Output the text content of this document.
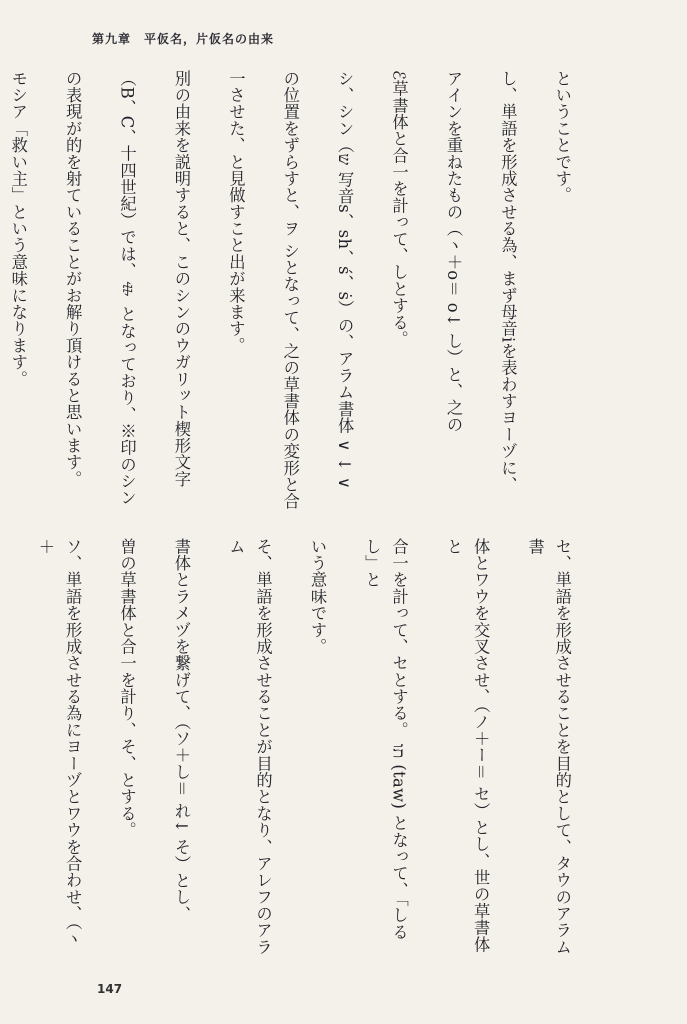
第九章　平仮名，片仮名の由来

ということです。

し、単語を形成させる為、まず母音iを表わすヨーヅに、

アインを重ねたもの（ヽ＋ο＝ ο↓ し）と、之の

ℰ草書体と合一を計って、しとする。

シ、シン（ש 写音s、sh、ś、ṡ）の、アラム書体 ∨ ↓ ∨

の位置をずらすと、ヲ シとなって、之の草書体の変形と合

一させた、と見做すこと出が来ます。

別の由来を説明すると、このシンのウガリット楔形文字

（B、C、十四世紀）では、ꑗ となっており、※印のシン

の表現が的を射ていることがお解り頂けると思います。

モシア「救い主」という意味になります。

セ、単語を形成させることを目的として、タウのアラム書

体とワウを交叉させ、（ノ＋ー＝ セ）とし、世の草書体と

合一を計って、セとする。 תו (taw) となって、「しるし」と

いう意味です。

そ、単語を形成させることが目的となり、アレフのアラム

書体とラメヅを繋げて、（ソ＋し＝ れ↓ そ）とし、

曽の草書体と合一を計り、そ、とする。

ソ、単語を形成させる為にヨーヅとワウを合わせ、（ヽ＋

147
